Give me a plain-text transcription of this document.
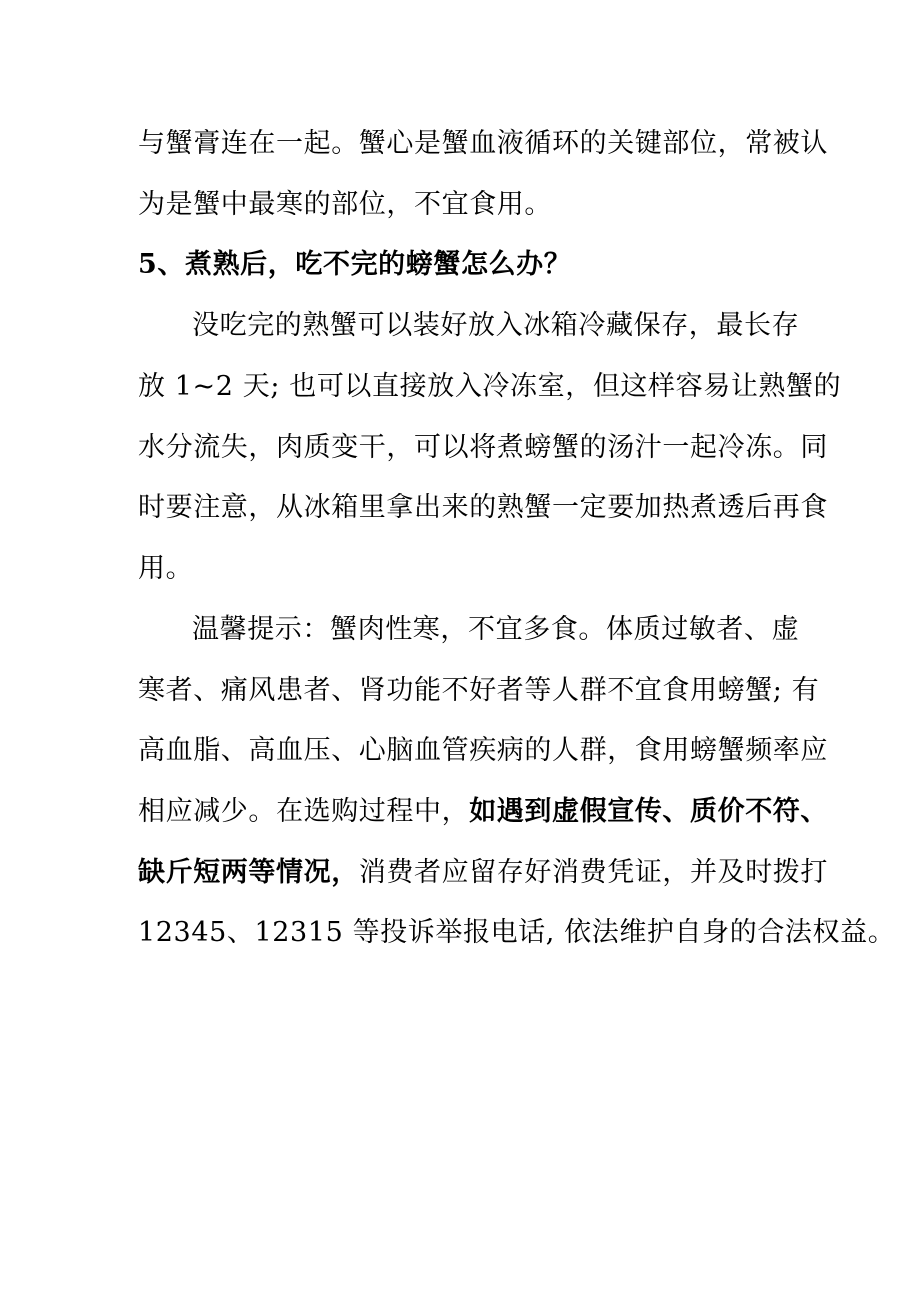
与蟹膏连在一起。蟹心是蟹血液循环的关键部位，常被认
为是蟹中最寒的部位，不宜食用。
5、煮熟后，吃不完的螃蟹怎么办？
没吃完的熟蟹可以装好放入冰箱冷藏保存，最长存
放 1~2 天; 也可以直接放入冷冻室，但这样容易让熟蟹的
水分流失，肉质变干，可以将煮螃蟹的汤汁一起冷冻。同
时要注意，从冰箱里拿出来的熟蟹一定要加热煮透后再食
用。
温馨提示：蟹肉性寒，不宜多食。体质过敏者、虚
寒者、痛风患者、肾功能不好者等人群不宜食用螃蟹; 有
高血脂、高血压、心脑血管疾病的人群，食用螃蟹频率应
相应减少。在选购过程中，如遇到虚假宣传、质价不符、
缺斤短两等情况，消费者应留存好消费凭证，并及时拨打
12345、12315 等投诉举报电话, 依法维护自身的合法权益。
